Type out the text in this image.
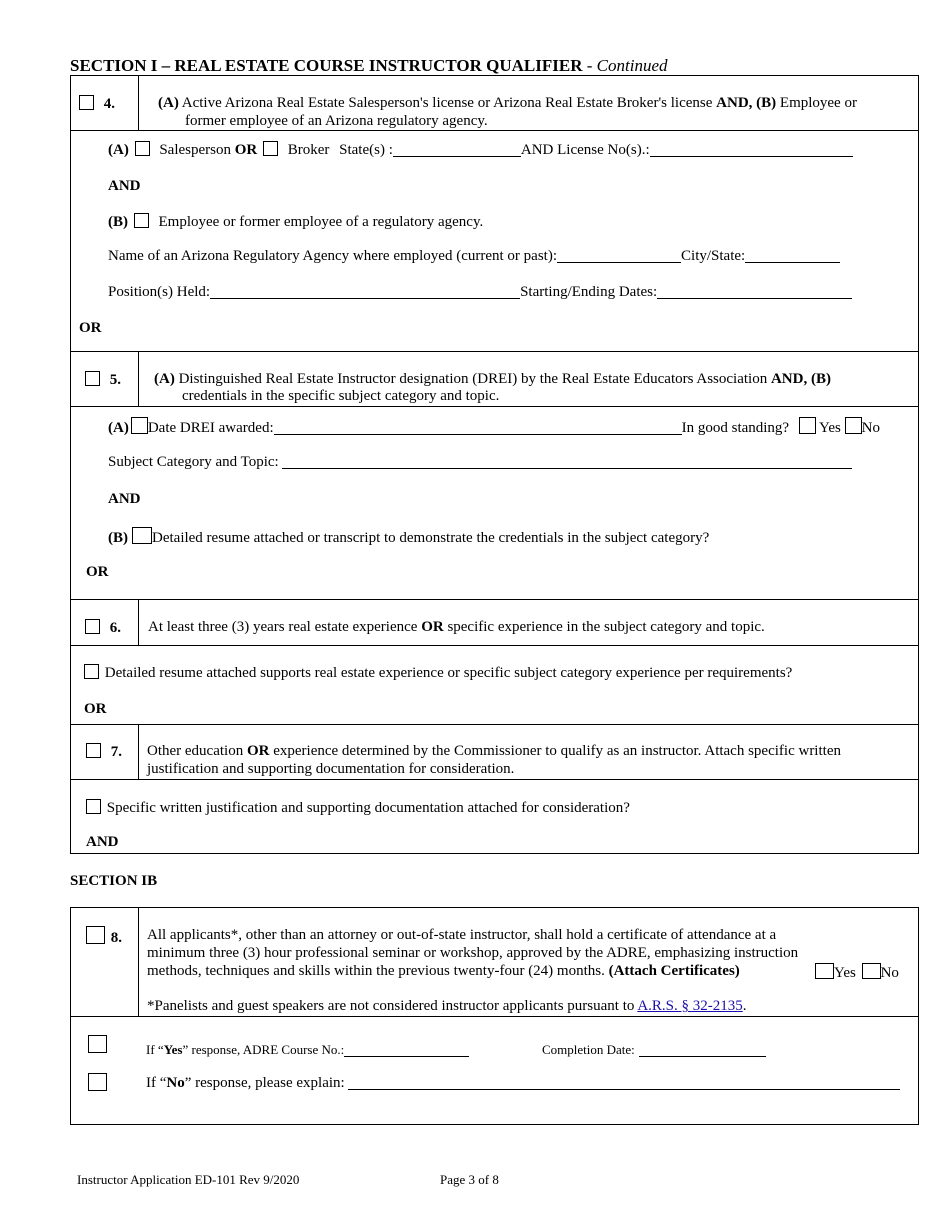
SECTION I – REAL ESTATE COURSE INSTRUCTOR QUALIFIER - Continued
4.	(A) Active Arizona Real Estate Salesperson's license or Arizona Real Estate Broker's license AND, (B) Employee or
former employee of an Arizona regulatory agency.
(A) Salesperson OR Broker State(s) :	AND License No(s).:
AND
(B) Employee or former employee of a regulatory agency.
Name of an Arizona Regulatory Agency where employed (current or past):	City/State:
Position(s) Held:	Starting/Ending Dates:
OR
5. (A) Distinguished Real Estate Instructor designation (DREI) by the Real Estate Educators Association AND, (B)
credentials in the specific subject category and topic.
(A) Date DREI awarded:	In good standing? Yes No
Subject Category and Topic:
AND
(B) Detailed resume attached or transcript to demonstrate the credentials in the subject category?
OR
6. At least three (3) years real estate experience OR specific experience in the subject category and topic.
Detailed resume attached supports real estate experience or specific subject category experience per requirements?
OR
7. Other education OR experience determined by the Commissioner to qualify as an instructor. Attach specific written
justification and supporting documentation for consideration.
Specific written justification and supporting documentation attached for consideration?
AND
SECTION IB
8. All applicants*, other than an attorney or out-of-state instructor, shall hold a certificate of attendance at a
minimum three (3) hour professional seminar or workshop, approved by the ADRE, emphasizing instruction
methods, techniques and skills within the previous twenty-four (24) months. (Attach Certificates)	Yes No
*Panelists and guest speakers are not considered instructor applicants pursuant to A.R.S. § 32-2135.
If “Yes” response, ADRE Course No.:	Completion Date:
If “No” response, please explain:
Instructor Application ED-101 Rev 9/2020	Page 3 of 8
